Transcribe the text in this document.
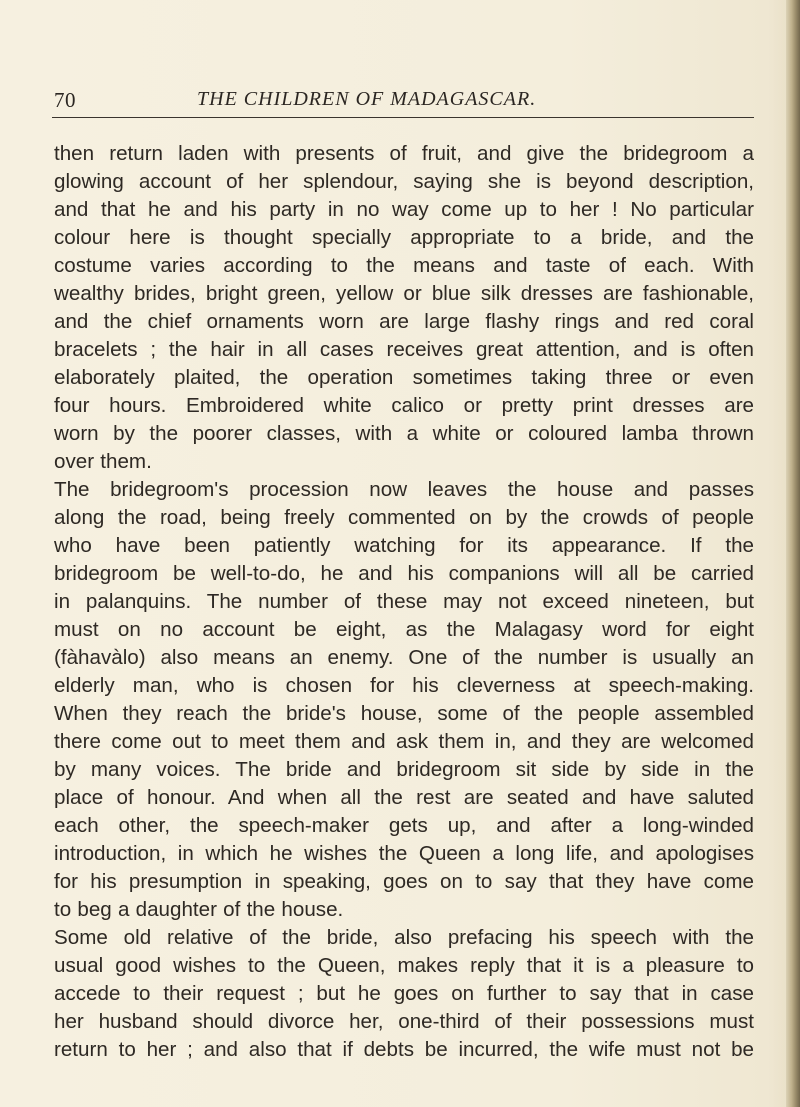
70	THE CHILDREN OF MADAGASCAR.

then return laden with presents of fruit, and give the bridegroom a

glowing account of her splendour, saying she is beyond description,

and that he and his party in no way come up to her ! No particular

colour here is thought specially appropriate to a bride, and the

costume varies according to the means and taste of each. With

wealthy brides, bright green, yellow or blue silk dresses are fashionable,

and the chief ornaments worn are large flashy rings and red coral

bracelets ; the hair in all cases receives great attention, and is often

elaborately plaited, the operation sometimes taking three or even

four hours. Embroidered white calico or pretty print dresses are

worn by the poorer classes, with a white or coloured lamba thrown

over them.

The bridegroom's procession now leaves the house and passes

along the road, being freely commented on by the crowds of people

who have been patiently watching for its appearance. If the

bridegroom be well-to-do, he and his companions will all be carried

in palanquins. The number of these may not exceed nineteen, but

must on no account be eight, as the Malagasy word for eight

(fàhavàlo) also means an enemy. One of the number is usually an

elderly man, who is chosen for his cleverness at speech-making.

When they reach the bride's house, some of the people assembled

there come out to meet them and ask them in, and they are welcomed

by many voices. The bride and bridegroom sit side by side in the

place of honour. And when all the rest are seated and have saluted

each other, the speech-maker gets up, and after a long-winded

introduction, in which he wishes the Queen a long life, and apologises

for his presumption in speaking, goes on to say that they have come

to beg a daughter of the house.

Some old relative of the bride, also prefacing his speech with the

usual good wishes to the Queen, makes reply that it is a pleasure to

accede to their request ; but he goes on further to say that in case

her husband should divorce her, one-third of their possessions must

return to her ; and also that if debts be incurred, the wife must not be
